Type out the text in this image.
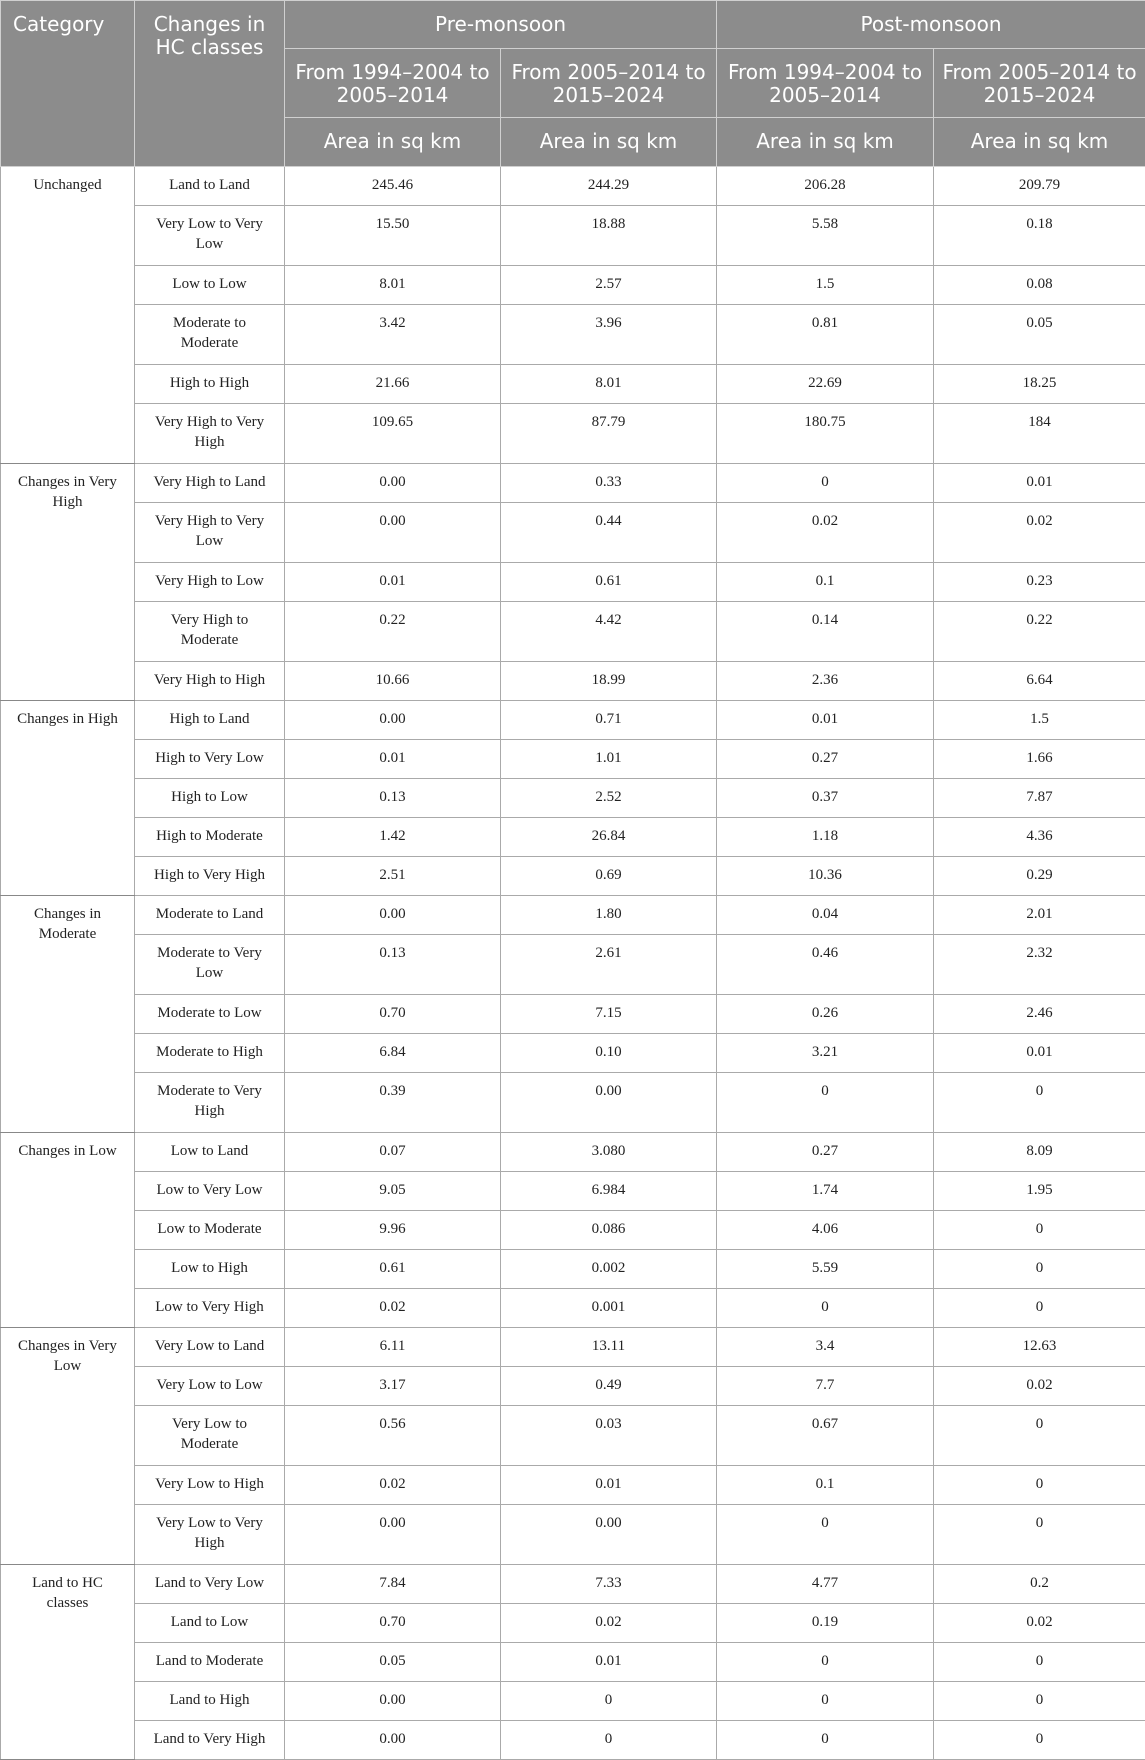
Category	Changes in HC classes	Pre-monsoon		Post-monsoon	
		From 1994–2004 to 2005–2014	From 2005–2014 to 2015–2024	From 1994–2004 to 2005–2014	From 2005–2014 to 2015–2024
		Area in sq km	Area in sq km	Area in sq km	Area in sq km
Unchanged	Land to Land	245.46	244.29	206.28	209.79
	Very Low to Very Low	15.50	18.88	5.58	0.18
	Low to Low	8.01	2.57	1.5	0.08
	Moderate to Moderate	3.42	3.96	0.81	0.05
	High to High	21.66	8.01	22.69	18.25
	Very High to Very High	109.65	87.79	180.75	184
Changes in Very High	Very High to Land	0.00	0.33	0	0.01
	Very High to Very Low	0.00	0.44	0.02	0.02
	Very High to Low	0.01	0.61	0.1	0.23
	Very High to Moderate	0.22	4.42	0.14	0.22
	Very High to High	10.66	18.99	2.36	6.64
Changes in High	High to Land	0.00	0.71	0.01	1.5
	High to Very Low	0.01	1.01	0.27	1.66
	High to Low	0.13	2.52	0.37	7.87
	High to Moderate	1.42	26.84	1.18	4.36
	High to Very High	2.51	0.69	10.36	0.29
Changes in Moderate	Moderate to Land	0.00	1.80	0.04	2.01
	Moderate to Very Low	0.13	2.61	0.46	2.32
	Moderate to Low	0.70	7.15	0.26	2.46
	Moderate to High	6.84	0.10	3.21	0.01
	Moderate to Very High	0.39	0.00	0	0
Changes in Low	Low to Land	0.07	3.080	0.27	8.09
	Low to Very Low	9.05	6.984	1.74	1.95
	Low to Moderate	9.96	0.086	4.06	0
	Low to High	0.61	0.002	5.59	0
	Low to Very High	0.02	0.001	0	0
Changes in Very Low	Very Low to Land	6.11	13.11	3.4	12.63
	Very Low to Low	3.17	0.49	7.7	0.02
	Very Low to Moderate	0.56	0.03	0.67	0
	Very Low to High	0.02	0.01	0.1	0
	Very Low to Very High	0.00	0.00	0	0
Land to HC classes	Land to Very Low	7.84	7.33	4.77	0.2
	Land to Low	0.70	0.02	0.19	0.02
	Land to Moderate	0.05	0.01	0	0
	Land to High	0.00	0	0	0
	Land to Very High	0.00	0	0	0
